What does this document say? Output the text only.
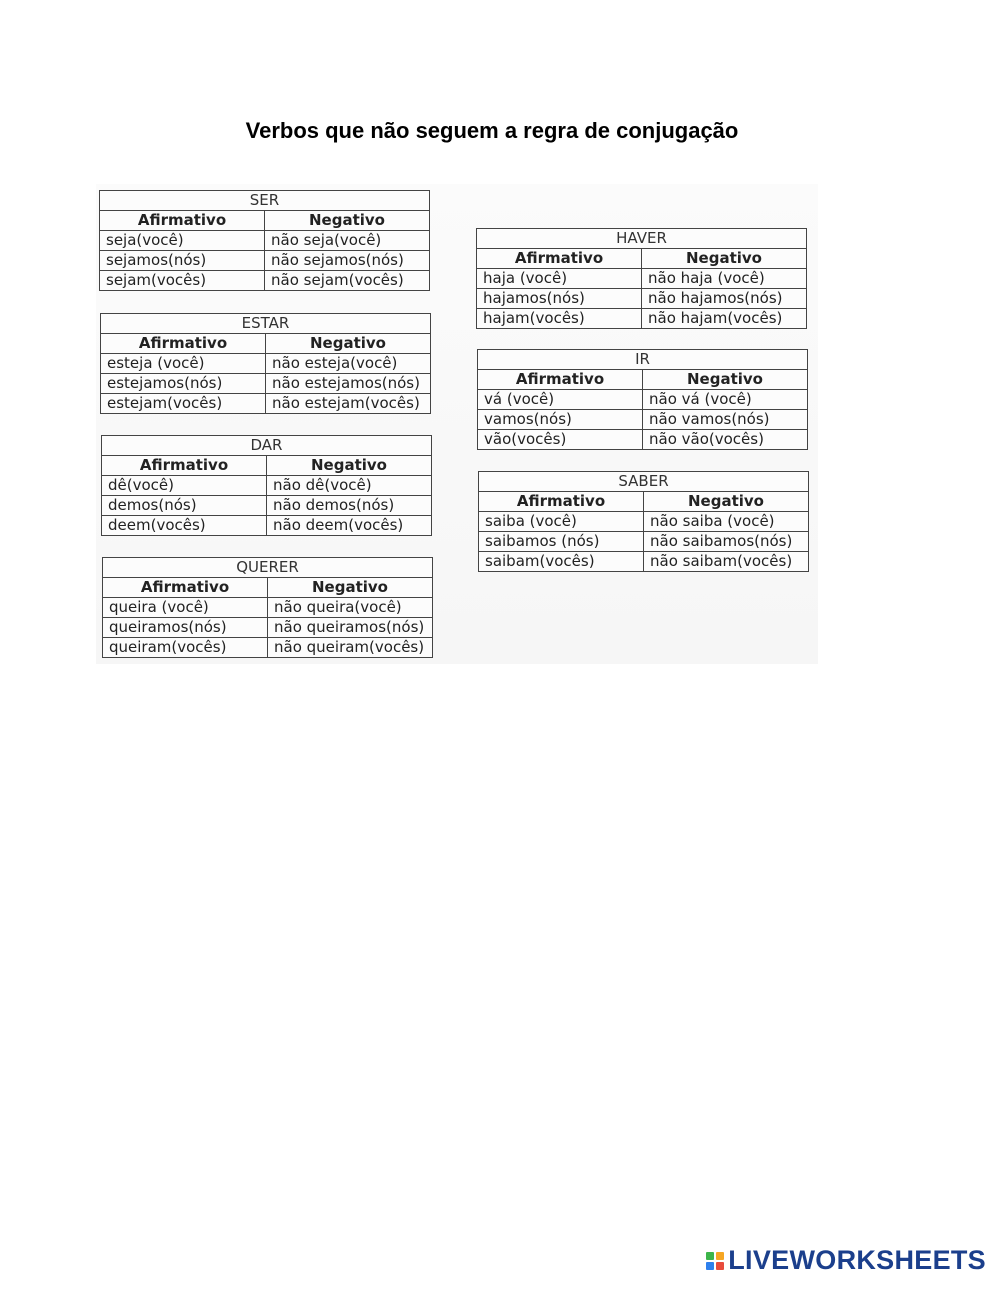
Verbos que não seguem a regra de conjugação
SER	
Afirmativo	Negativo
seja(você)	não seja(você)
sejamos(nós)	não sejamos(nós)
sejam(vocês)	não sejam(vocês)
ESTAR	
Afirmativo	Negativo
esteja (você)	não esteja(você)
estejamos(nós)	não estejamos(nós)
estejam(vocês)	não estejam(vocês)
DAR	
Afirmativo	Negativo
dê(você)	não dê(você)
demos(nós)	não demos(nós)
deem(vocês)	não deem(vocês)
QUERER	
Afirmativo	Negativo
queira (você)	não queira(você)
queiramos(nós)	não queiramos(nós)
queiram(vocês)	não queiram(vocês)
HAVER	
Afirmativo	Negativo
haja (você)	não haja (você)
hajamos(nós)	não hajamos(nós)
hajam(vocês)	não hajam(vocês)
IR	
Afirmativo	Negativo
vá (você)	não vá (você)
vamos(nós)	não vamos(nós)
vão(vocês)	não vão(vocês)
SABER	
Afirmativo	Negativo
saiba (você)	não saiba (você)
saibamos (nós)	não saibamos(nós)
saibam(vocês)	não saibam(vocês)
LIVEWORKSHEETS
